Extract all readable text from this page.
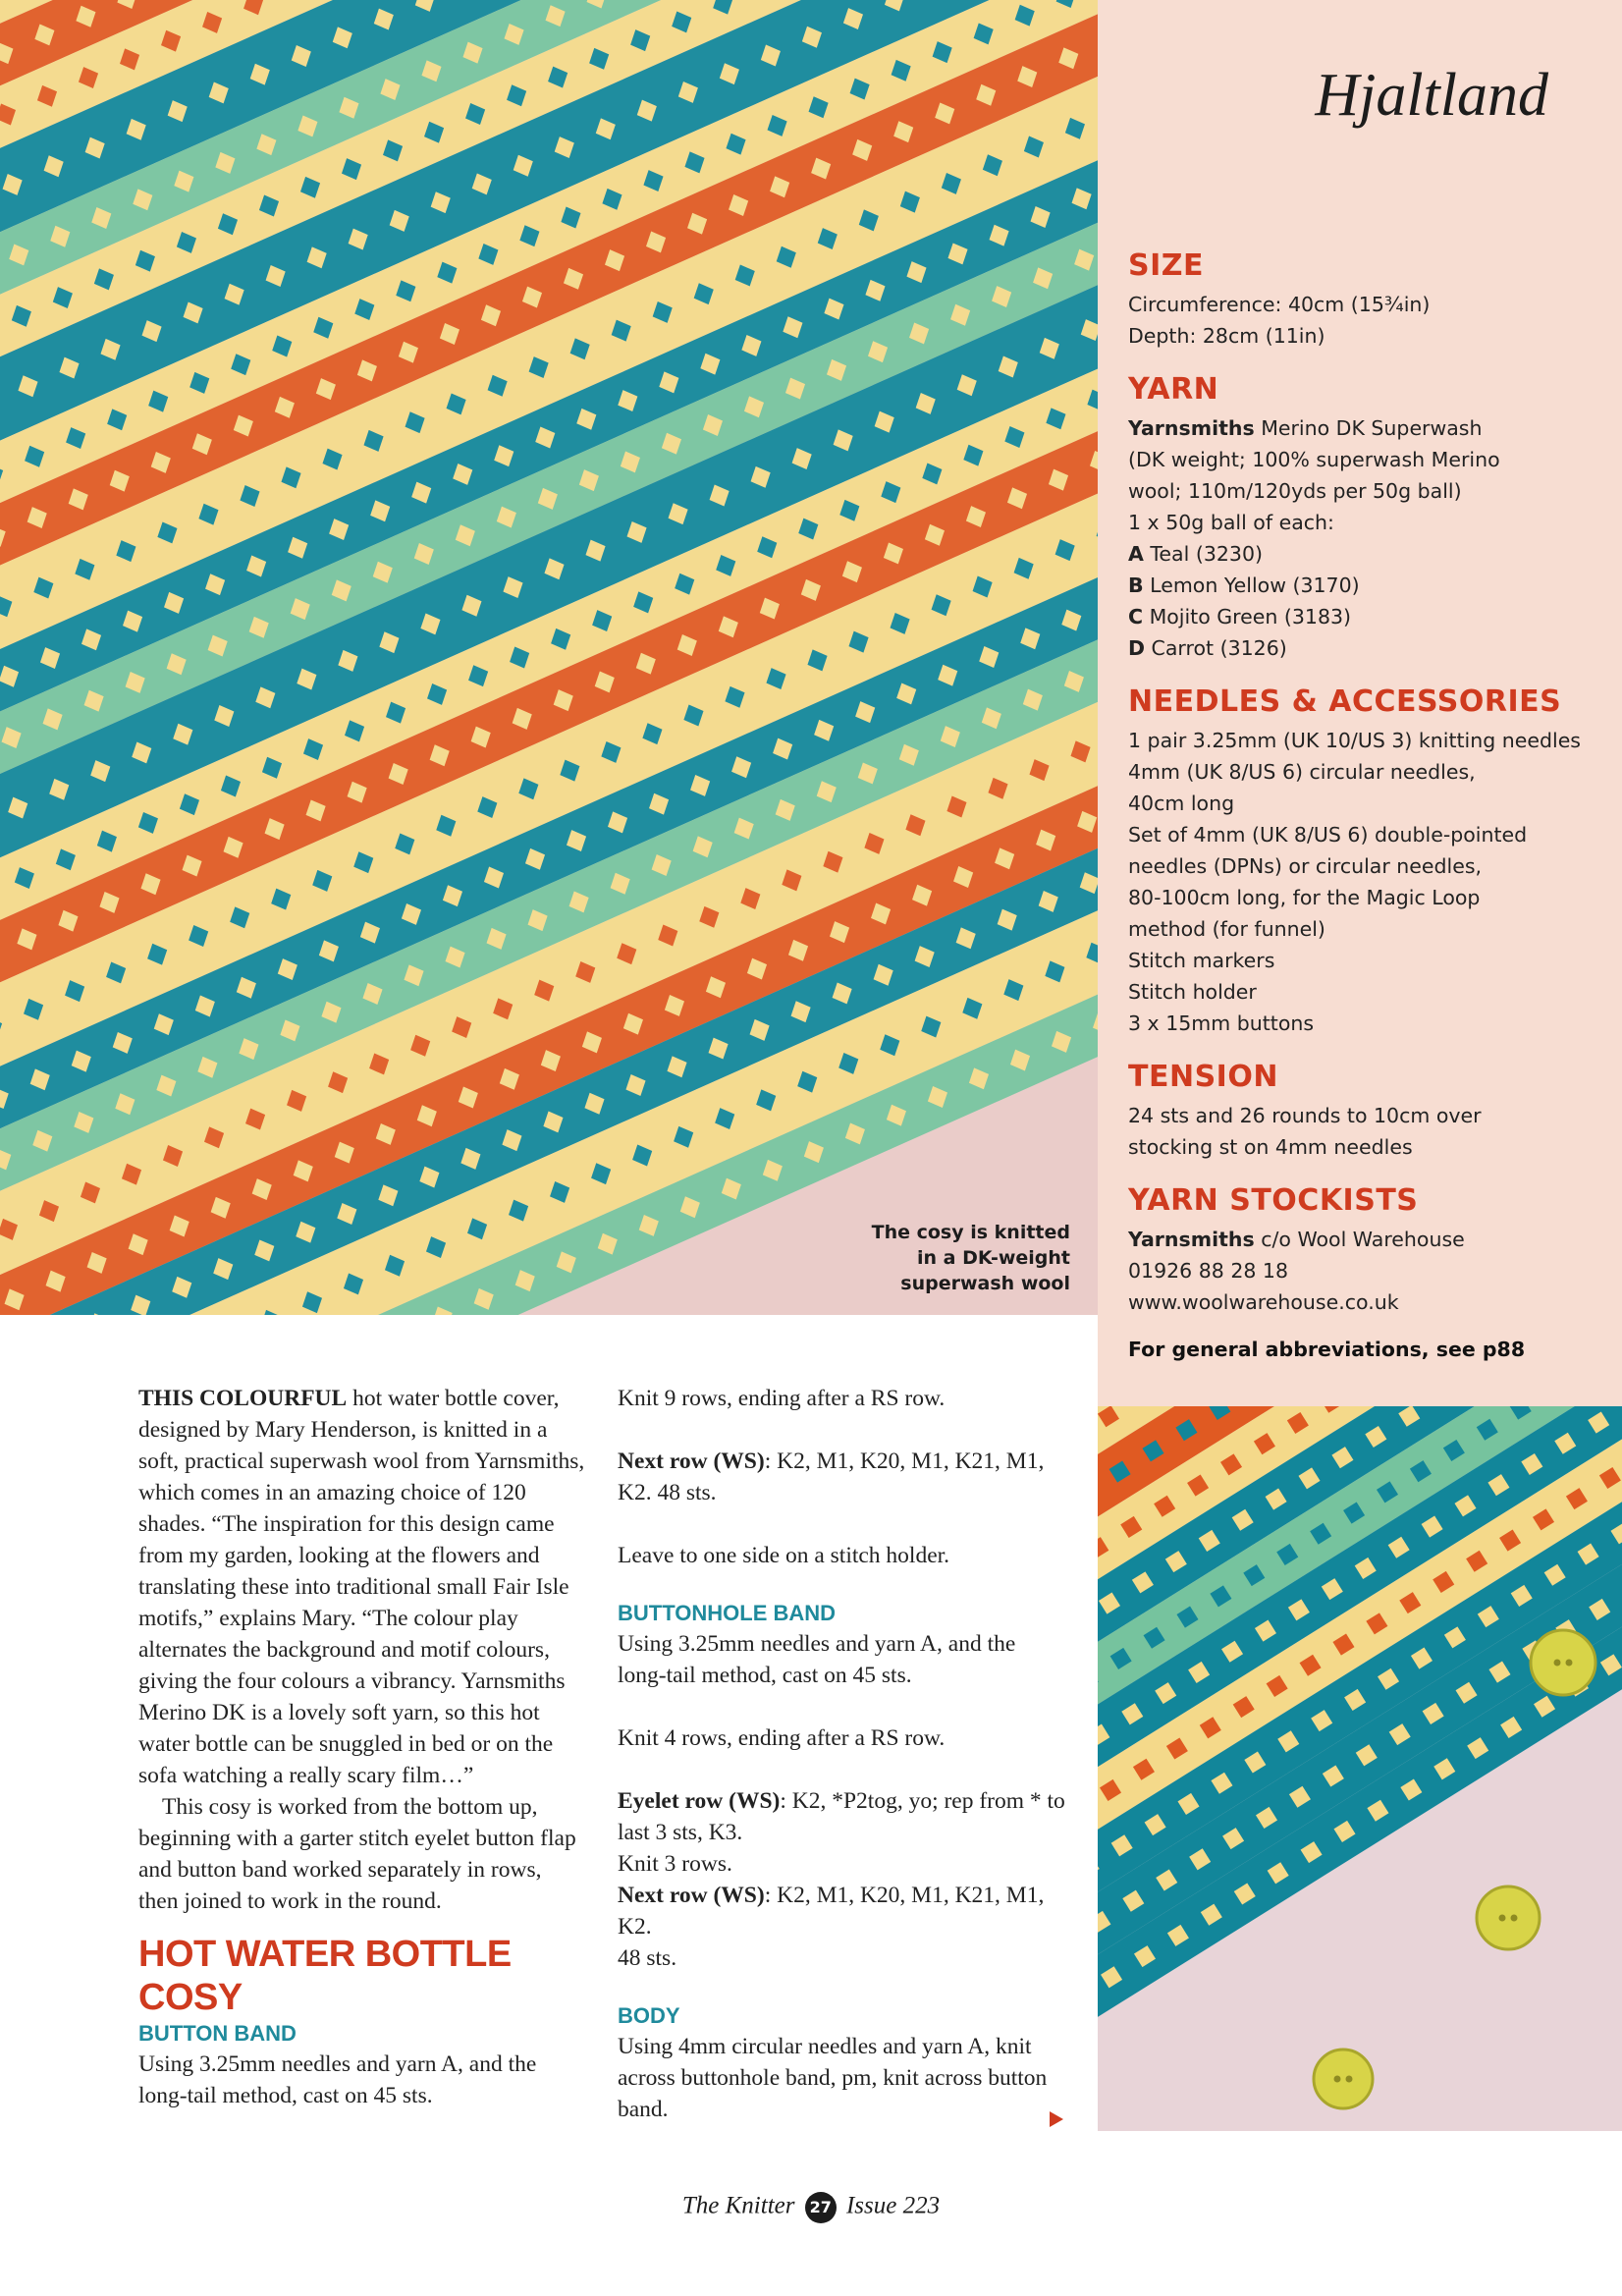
The cosy is knitted
in a DK-weight
superwash wool
Hjaltland
SIZE

Circumference: 40cm (15¾in)

Depth: 28cm (11in)

YARN

Yarnsmiths Merino DK Superwash

(DK weight; 100% superwash Merino

wool; 110m/120yds per 50g ball)

1 x 50g ball of each:

A Teal (3230)

B Lemon Yellow (3170)

C Mojito Green (3183)

D Carrot (3126)

NEEDLES & ACCESSORIES

1 pair 3.25mm (UK 10/US 3) knitting needles

4mm (UK 8/US 6) circular needles,

40cm long

Set of 4mm (UK 8/US 6) double-pointed

needles (DPNs) or circular needles,

80-100cm long, for the Magic Loop

method (for funnel)

Stitch markers

Stitch holder

3 x 15mm buttons

TENSION

24 sts and 26 rounds to 10cm over

stocking st on 4mm needles

YARN STOCKISTS

Yarnsmiths c/o Wool Warehouse

01926 88 28 18

www.woolwarehouse.co.uk

For general abbreviations, see p88

THIS COLOURFUL hot water bottle cover, designed by Mary Henderson, is knitted in a soft, practical superwash wool from Yarnsmiths, which comes in an amazing choice of 120 shades. “The inspiration for this design came from my garden, looking at the flowers and translating these into traditional small Fair Isle motifs,” explains Mary. “The colour play alternates the background and motif colours, giving the four colours a vibrancy. Yarnsmiths Merino DK is a lovely soft yarn, so this hot water bottle can be snuggled in bed or on the sofa watching a really scary film…”

This cosy is worked from the bottom up, beginning with a garter stitch eyelet button flap and button band worked separately in rows, then joined to work in the round.

HOT WATER BOTTLE COSY
BUTTON BAND

Using 3.25mm needles and yarn A, and the long-tail method, cast on 45 sts.

Knit 9 rows, ending after a RS row.

Next row (WS): K2, M1, K20, M1, K21, M1, K2. 48 sts.

Leave to one side on a stitch holder.

BUTTONHOLE BAND

Using 3.25mm needles and yarn A, and the long-tail method, cast on 45 sts.

Knit 4 rows, ending after a RS row.

Eyelet row (WS): K2, *P2tog, yo; rep from * to last 3 sts, K3.

Knit 3 rows.

Next row (WS): K2, M1, K20, M1, K21, M1, K2.

48 sts.

BODY

Using 4mm circular needles and yarn A, knit across buttonhole band, pm, knit across button band.

The Knitter 27 Issue 223
